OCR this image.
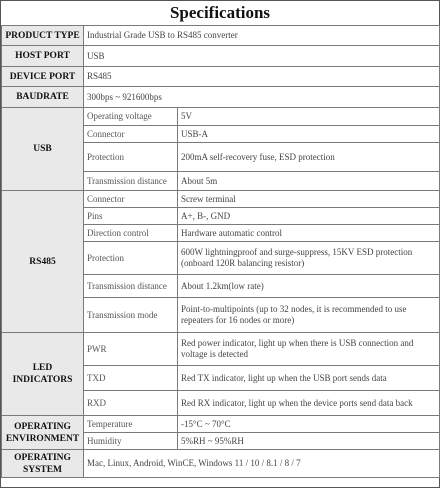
Specifications
PRODUCT TYPE	Industrial Grade USB to RS485 converter	
HOST PORT	USB	
DEVICE PORT	RS485	
BAUDRATE	300bps ~ 921600bps	
USB	Operating voltage	5V
	Connector	USB-A
	Protection	200mA self-recovery fuse, ESD protection
	Transmission distance	About 5m
RS485	Connector	Screw terminal
	Pins	A+, B-, GND
	Direction control	Hardware automatic control
	Protection	600W lightningproof and surge-suppress, 15KV ESD protection (onboard 120R balancing resistor)
	Transmission distance	About 1.2km(low rate)
	Transmission mode	Point-to-multipoints (up to 32 nodes, it is recommended to use repeaters for 16 nodes or more)
LED INDICATORS	PWR	Red power indicator, light up when there is USB connection and voltage is detected
	TXD	Red TX indicator, light up when the USB port sends data
	RXD	Red RX indicator, light up when the device ports send data back
OPERATING ENVIRONMENT	Temperature	-15°C ~ 70°C
	Humidity	5%RH ~ 95%RH
OPERATING SYSTEM	Mac, Linux, Android, WinCE, Windows 11 / 10 / 8.1 / 8 / 7	
